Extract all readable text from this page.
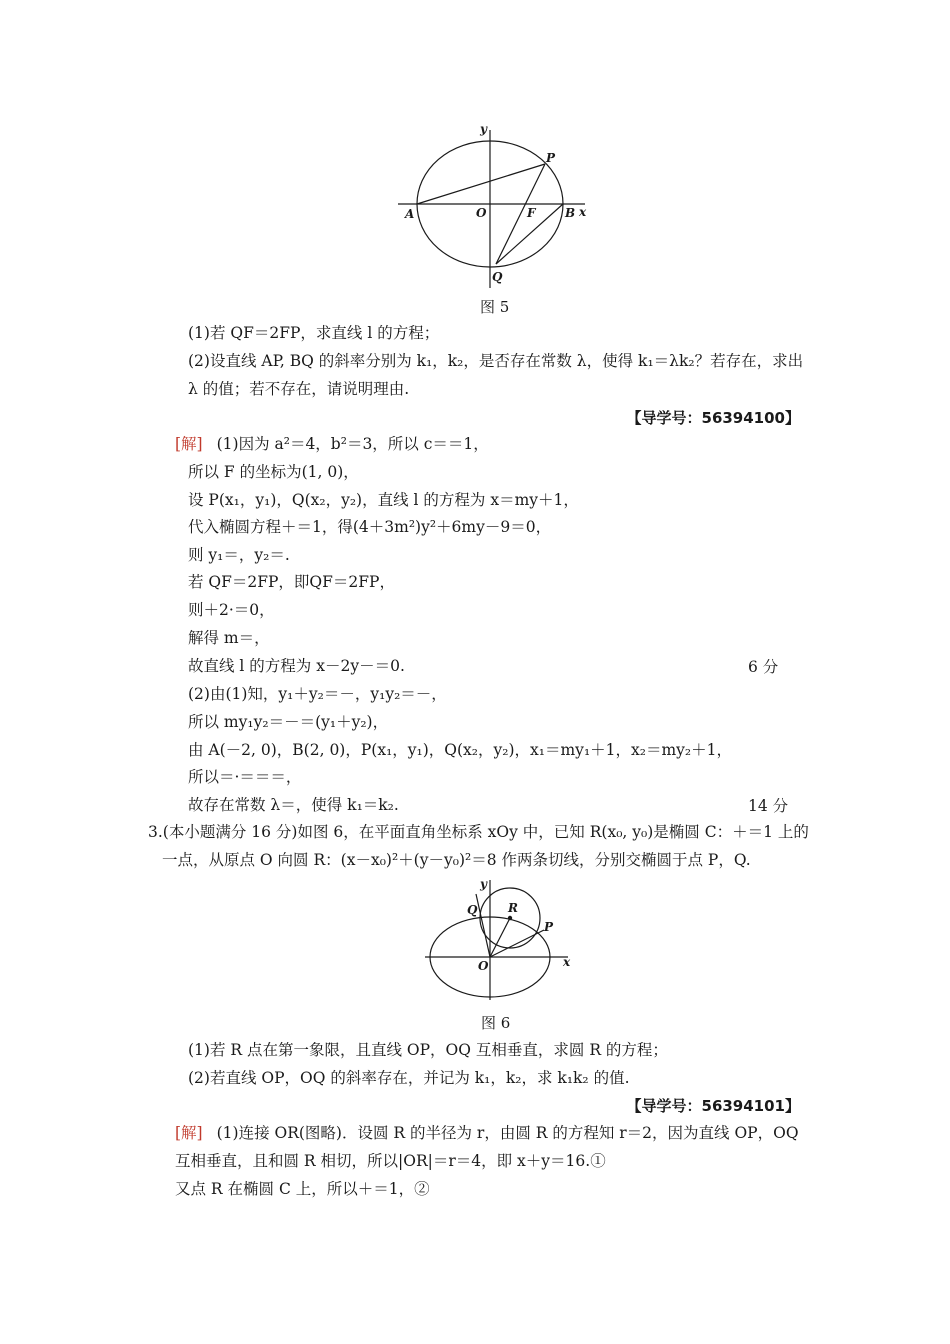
y
x
A	O	F B
P
Q
图 5
(1)若 QF＝2FP，求直线 l 的方程；
(2)设直线 AP, BQ 的斜率分别为 k₁，k₂，是否存在常数 λ，使得 k₁＝λk₂？若存在，求出
λ 的值；若不存在，请说明理由.
【导学号：56394100】
[解] (1)因为 a²＝4，b²＝3，所以 c＝＝1，
所以 F 的坐标为(1, 0)，
设 P(x₁，y₁)，Q(x₂，y₂)，直线 l 的方程为 x＝my＋1，
代入椭圆方程＋＝1，得(4＋3m²)y²＋6my－9＝0，
则 y₁＝，y₂＝.
若 QF＝2FP，即QF＝2FP，
则＋2·＝0，
解得 m＝，
故直线 l 的方程为 x－2y－＝0.	6 分
(2)由(1)知，y₁＋y₂＝－，y₁y₂＝－，
所以 my₁y₂＝－＝(y₁＋y₂)，
由 A(－2, 0)，B(2, 0)，P(x₁，y₁)，Q(x₂，y₂)，x₁＝my₁＋1，x₂＝my₂＋1，
所以＝·＝＝＝，
故存在常数 λ＝，使得 k₁＝k₂.	14 分
3.(本小题满分 16 分)如图 6，在平面直角坐标系 xOy 中，已知 R(x₀, y₀)是椭圆 C：＋＝1 上的
一点，从原点 O 向圆 R：(x－x₀)²＋(y－y₀)²＝8 作两条切线，分别交椭圆于点 P，Q.
y
x
Q	R
P
O
图 6
(1)若 R 点在第一象限，且直线 OP，OQ 互相垂直，求圆 R 的方程；
(2)若直线 OP，OQ 的斜率存在，并记为 k₁，k₂，求 k₁k₂ 的值.
【导学号：56394101】
[解] (1)连接 OR(图略)．设圆 R 的半径为 r，由圆 R 的方程知 r＝2，因为直线 OP，OQ
互相垂直，且和圆 R 相切，所以|OR|＝r＝4，即 x＋y＝16.①
又点 R 在椭圆 C 上，所以＋＝1，②
